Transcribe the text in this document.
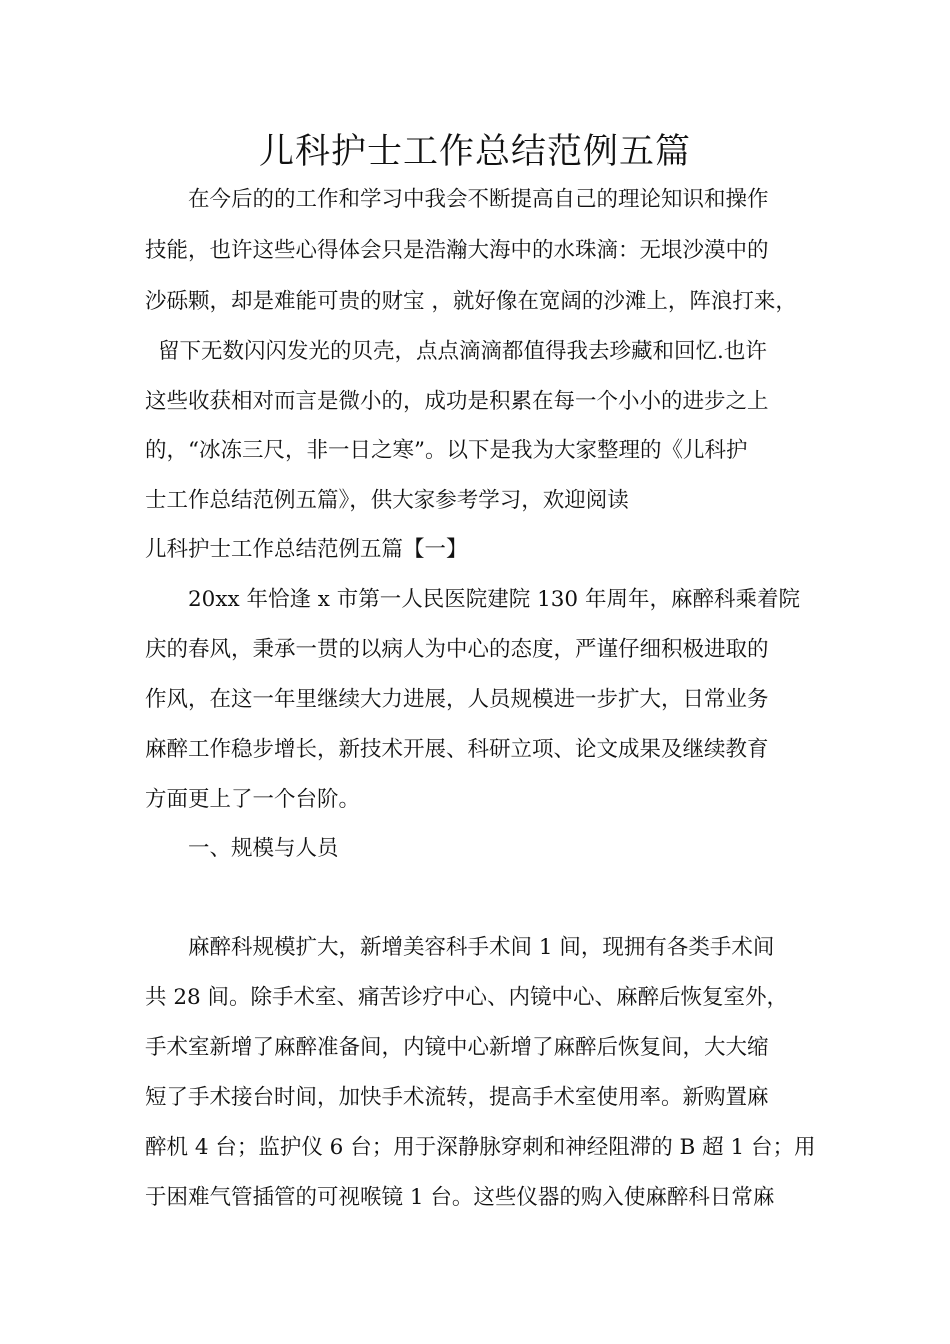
儿科护士工作总结范例五篇

在今后的的工作和学习中我会不断提高自己的理论知识和操作

技能，也许这些心得体会只是浩瀚大海中的水珠滴：无垠沙漠中的

沙砾颗，却是难能可贵的财宝 ，就好像在宽阔的沙滩上，阵浪打来，

留下无数闪闪发光的贝壳，点点滴滴都值得我去珍藏和回忆.也许

这些收获相对而言是微小的，成功是积累在每一个小小的进步之上

的，“冰冻三尺，非一日之寒”。以下是我为大家整理的《儿科护

士工作总结范例五篇》，供大家参考学习，欢迎阅读

儿科护士工作总结范例五篇【一】

20xx 年恰逢 x 市第一人民医院建院 130 年周年，麻醉科乘着院

庆的春风，秉承一贯的以病人为中心的态度，严谨仔细积极进取的

作风，在这一年里继续大力进展，人员规模进一步扩大，日常业务

麻醉工作稳步增长，新技术开展、科研立项、论文成果及继续教育

方面更上了一个台阶。

一、规模与人员

麻醉科规模扩大，新增美容科手术间 1 间，现拥有各类手术间

共 28 间。除手术室、痛苦诊疗中心、内镜中心、麻醉后恢复室外，

手术室新增了麻醉准备间，内镜中心新增了麻醉后恢复间，大大缩

短了手术接台时间，加快手术流转，提高手术室使用率。新购置麻

醉机 4 台；监护仪 6 台；用于深静脉穿刺和神经阻滞的 B 超 1 台；用

于困难气管插管的可视喉镜 1 台。这些仪器的购入使麻醉科日常麻
